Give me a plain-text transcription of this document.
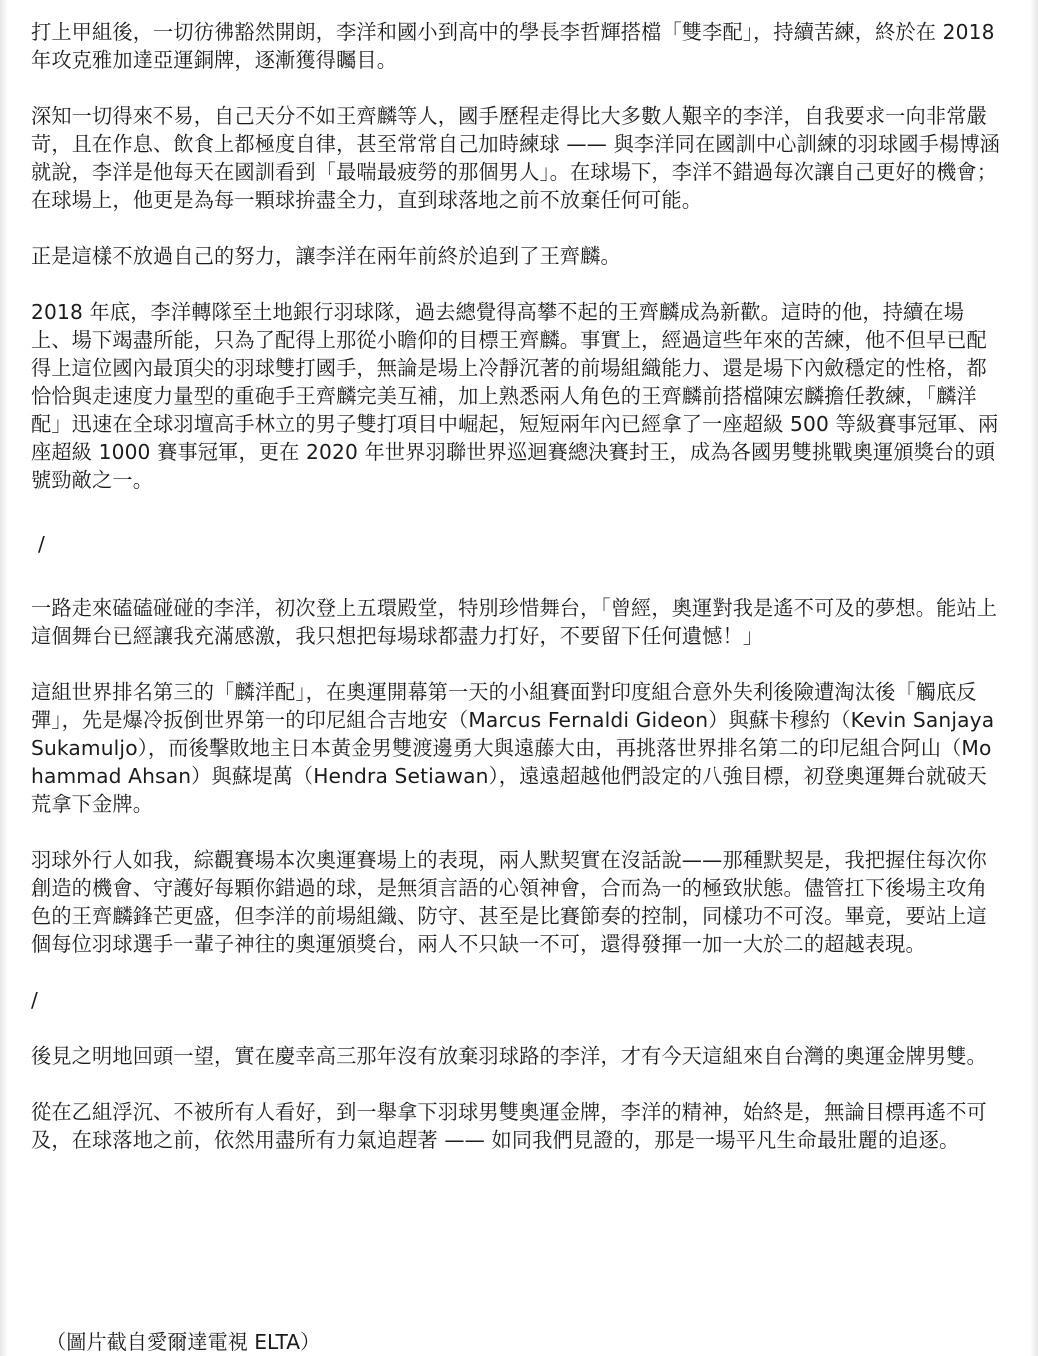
打上甲組後，一切彷彿豁然開朗，李洋和國小到高中的學長李哲輝搭檔「雙李配」，持續苦練，終於在 2018 年攻克雅加達亞運銅牌，逐漸獲得矚目。

深知一切得來不易，自己天分不如王齊麟等人，國手歷程走得比大多數人艱辛的李洋，自我要求一向非常嚴苛，且在作息、飲食上都極度自律，甚至常常自己加時練球 —— 與李洋同在國訓中心訓練的羽球國手楊博涵就說，李洋是他每天在國訓看到「最喘最疲勞的那個男人」。在球場下，李洋不錯過每次讓自己更好的機會；在球場上，他更是為每一顆球拚盡全力，直到球落地之前不放棄任何可能。

正是這樣不放過自己的努力，讓李洋在兩年前終於追到了王齊麟。

2018 年底，李洋轉隊至土地銀行羽球隊，過去總覺得高攀不起的王齊麟成為新歡。這時的他，持續在場上、場下竭盡所能，只為了配得上那從小瞻仰的目標王齊麟。事實上，經過這些年來的苦練，他不但早已配得上這位國內最頂尖的羽球雙打國手，無論是場上冷靜沉著的前場組織能力、還是場下內斂穩定的性格，都恰恰與走速度力量型的重砲手王齊麟完美互補，加上熟悉兩人角色的王齊麟前搭檔陳宏麟擔任教練，「麟洋配」迅速在全球羽壇高手林立的男子雙打項目中崛起，短短兩年內已經拿了一座超級 500 等級賽事冠軍、兩座超級 1000 賽事冠軍，更在 2020 年世界羽聯世界巡迴賽總決賽封王，成為各國男雙挑戰奧運頒獎台的頭號勁敵之一。

/

一路走來磕磕碰碰的李洋，初次登上五環殿堂，特別珍惜舞台，「曾經，奧運對我是遙不可及的夢想。能站上這個舞台已經讓我充滿感激，我只想把每場球都盡力打好，不要留下任何遺憾！」

這組世界排名第三的「麟洋配」，在奧運開幕第一天的小組賽面對印度組合意外失利後險遭淘汰後「觸底反彈」，先是爆冷扳倒世界第一的印尼組合吉地安（Marcus Fernaldi Gideon）與蘇卡穆約（Kevin Sanjaya Sukamuljo），而後擊敗地主日本黃金男雙渡邊勇大與遠藤大由，再挑落世界排名第二的印尼組合阿山（Mohammad Ahsan）與蘇堤萬（Hendra Setiawan），遠遠超越他們設定的八強目標，初登奧運舞台就破天荒拿下金牌。

羽球外行人如我，綜觀賽場本次奧運賽場上的表現，兩人默契實在沒話說——那種默契是，我把握住每次你創造的機會、守護好每顆你錯過的球，是無須言語的心領神會，合而為一的極致狀態。儘管扛下後場主攻角色的王齊麟鋒芒更盛，但李洋的前場組織、防守、甚至是比賽節奏的控制，同樣功不可沒。畢竟，要站上這個每位羽球選手一輩子神往的奧運頒獎台，兩人不只缺一不可，還得發揮一加一大於二的超越表現。

/

後見之明地回頭一望，實在慶幸高三那年沒有放棄羽球路的李洋，才有今天這組來自台灣的奧運金牌男雙。

從在乙組浮沉、不被所有人看好，到一舉拿下羽球男雙奧運金牌，李洋的精神，始終是，無論目標再遙不可及，在球落地之前，依然用盡所有力氣追趕著 —— 如同我們見證的，那是一場平凡生命最壯麗的追逐。

（圖片截自愛爾達電視 ELTA）
